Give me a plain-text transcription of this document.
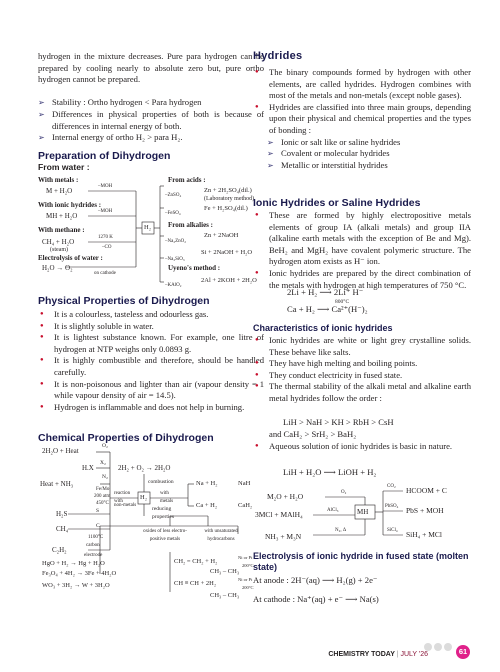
hydrogen in the mixture decreases. Pure para hydrogen can be prepared by cooling nearly to absolute zero but, pure ortho hydrogen cannot be prepared.

➢ Stability : Ortho hydrogen < Para hydrogen
➢ Differences in physical properties of both is because of differences in internal energy of both.
➢ Internal energy of ortho H₂ > para H₂.
Preparation of Dihydrogen
From water :
With metals :
M + H₂O
–MOH
With ionic hydrides :
MH + H₂O
–MOH
With methane :
CH₄ + H₂O
1270 K
(steam)	–CO
Electrolysis of water :
H₂O → O₂
on cathode
H₂
From acids :
Zn + 2H₂SO₄(dil.)
–ZnSO₄
(Laboratory method)
Fe + H₂SO₄(dil.)
–FeSO₄
From alkalies :
Zn + 2NaOH
–Na₂ZnO₂
Si + 2NaOH + H₂O
–Na₂SiO₃
Uyeno's method :
2Al + 2KOH + 2H₂O
–KAlO₂
Physical Properties of Dihydrogen
● It is a colourless, tasteless and odourless gas.
● It is slightly soluble in water.
● It is lightest substance known. For example, one litre of hydrogen at NTP weighs only 0.0893 g.
● It is highly combustible and therefore, should be handled carefully.
● It is non-poisonous and lighter than air (vapour density = 1 while vapour density of air = 14.5).
● Hydrogen is inflammable and does not help in burning.
Chemical Properties of Dihydrogen
2H₂O + Heat
O₂
H.X
X₂
Heat + NH₃
N₂
Fe/Mo
200 atm
450°C
H₂S	S
CH₄	C
1100°C
C₂H₂
carbon
electrode
2H₂ + O₂ → 2H₂O
combustion
H₂
reaction with
non-metals
with metals
reducing properties
Na + H₂	NaH
Ca + H₂	CaH₂
oxides of less electro-positive metals
with unsaturated hydrocarbons
HgO + H₂ → Hg + H₂O
Fe₃O₄ + 4H₂ → 3Fe + 4H₂O
WO₃ + 3H₂ → W + 3H₂O
CH₂ = CH₂ + H₂
Ni or Pt
200°C
CH₃ – CH₃
CH ≡ CH + 2H₂
Ni or Pt
200°C
CH₃ – CH₃
Hydrides
● The binary compounds formed by hydrogen with other elements, are called hydrides. Hydrogen combines with most of the metals and non-metals (except noble gases).
● Hydrides are classified into three main groups, depending upon their physical and chemical properties and the types of bonding :
➢ Ionic or salt like or saline hydrides
➢ Covalent or molecular hydrides
➢ Metallic or interstitial hydrides
Ionic Hydrides or Saline Hydrides
● These are formed by highly electropositive metals elements of group IA (alkali metals) and group IIA (alkaline earth metals with the exception of Be and Mg). BeH₂ and MgH₂ have covalent polymeric structure. The hydrogen atom exists as H⁻ ion.
● Ionic hydrides are prepared by the direct combination of the metals with hydrogen at high temperatures of 750 °C.
2Li + H₂ ⟶ 2Li⁺ H⁻
800°C
Ca + H₂ ⟶ Ca²⁺(H⁻)₂
Characteristics of ionic hydrides
● Ionic hydrides are white or light grey crystalline solids. These behave like salts.
● They have high melting and boiling points.
● They conduct electricity in fused state.
● The thermal stability of the alkali metal and alkaline earth metal hydrides follow the order :
LiH > NaH > KH > RbH > CsH
and CaH₂ > SrH₂ > BaH₂
● Aqueous solution of ionic hydrides is basic in nature.
LiH + H₂O ⟶ LiOH + H₂
M₂O + H₂O	O₂
CO₂ HCOOM + C
AlCl₃
3MCl + MAlH₄
PbSO₄ PbS + MOH
MH
N₂, Δ	SiCl₄
NH₃ + M₃N	SiH₄ + MCl
Electrolysis of ionic hydride in fused state (molten state)
At anode : 2H⁻(aq) ⟶ H₂(g) + 2e⁻
At cathode : Na⁺(aq) + e⁻ ⟶ Na(s)
CHEMISTRY TODAY | JULY '26	61
